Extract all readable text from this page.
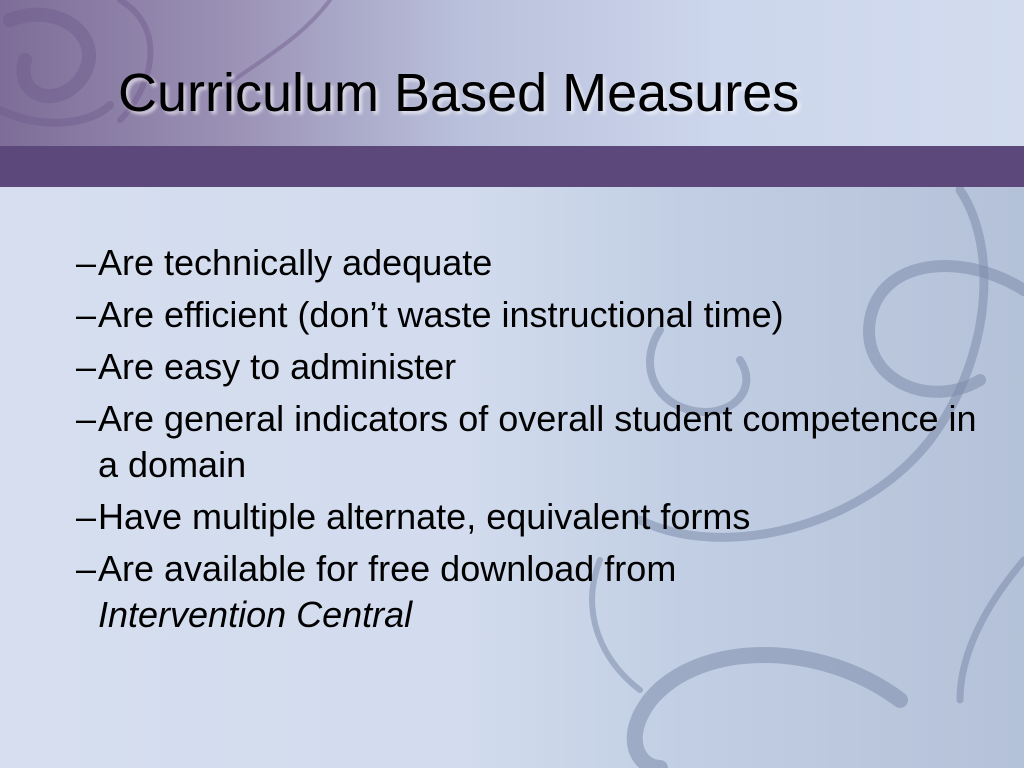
Curriculum Based Measures
– Are technically adequate
– Are efficient (don’t waste instructional time)
– Are easy to administer
– Are general indicators of overall student competence in a domain
– Have multiple alternate, equivalent forms
– Are available for free download from
Intervention Central
